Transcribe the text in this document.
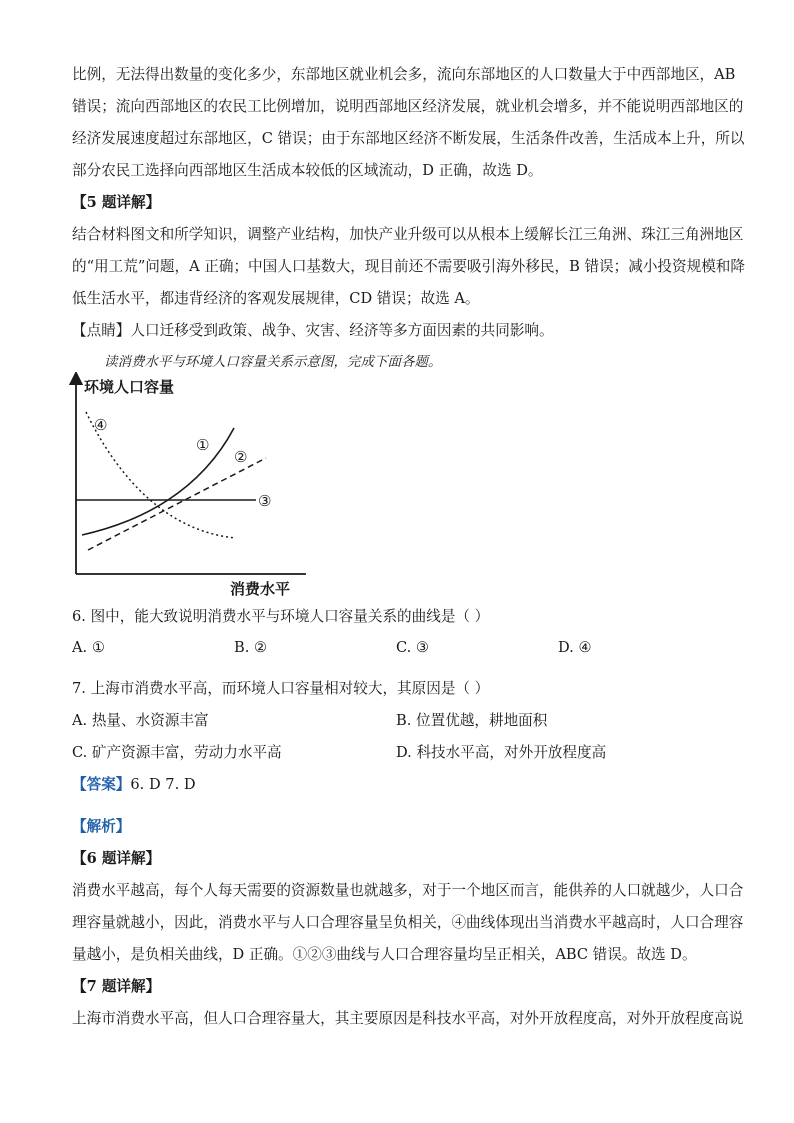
比例，无法得出数量的变化多少，东部地区就业机会多，流向东部地区的人口数量大于中西部地区，AB
错误；流向西部地区的农民工比例增加，说明西部地区经济发展，就业机会增多，并不能说明西部地区的
经济发展速度超过东部地区，C 错误；由于东部地区经济不断发展，生活条件改善，生活成本上升，所以
部分农民工选择向西部地区生活成本较低的区域流动，D 正确，故选 D。
【5 题详解】
结合材料图文和所学知识，调整产业结构，加快产业升级可以从根本上缓解长江三角洲、珠江三角洲地区
的“用工荒”问题，A 正确；中国人口基数大，现目前还不需要吸引海外移民，B 错误；减小投资规模和降
低生活水平，都违背经济的客观发展规律，CD 错误；故选 A。
【点睛】人口迁移受到政策、战争、灾害、经济等多方面因素的共同影响。
读消费水平与环境人口容量关系示意图，完成下面各题。
环境人口容量
消费水平
①
②
③
④
6. 图中，能大致说明消费水平与环境人口容量关系的曲线是（ ）
A. ①	B. ②	C. ③	D. ④
7. 上海市消费水平高，而环境人口容量相对较大，其原因是（ ）
A. 热量、水资源丰富	B. 位置优越，耕地面积
C. 矿产资源丰富，劳动力水平高	D. 科技水平高，对外开放程度高
【答案】6. D 7. D
【解析】
【6 题详解】
消费水平越高，每个人每天需要的资源数量也就越多，对于一个地区而言，能供养的人口就越少，人口合
理容量就越小，因此，消费水平与人口合理容量呈负相关，④曲线体现出当消费水平越高时，人口合理容
量越小，是负相关曲线，D 正确。①②③曲线与人口合理容量均呈正相关，ABC 错误。故选 D。
【7 题详解】
上海市消费水平高，但人口合理容量大，其主要原因是科技水平高，对外开放程度高，对外开放程度高说
